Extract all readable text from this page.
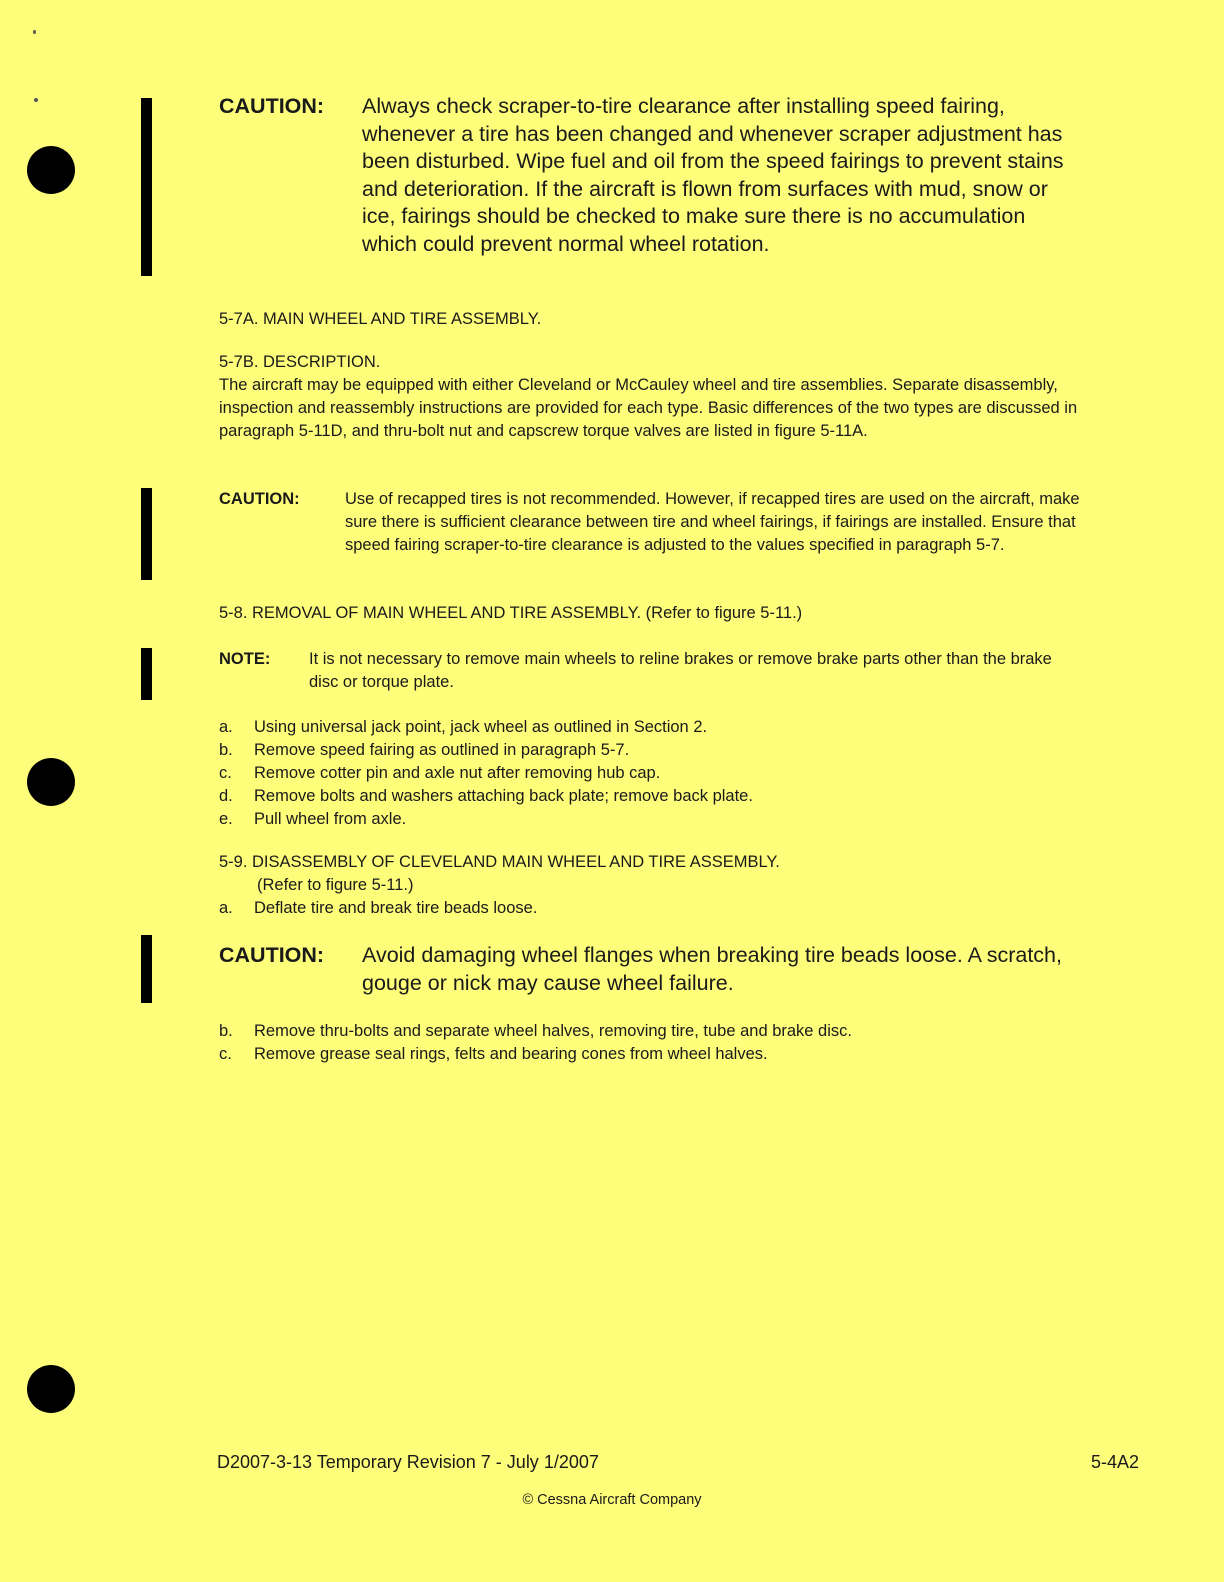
CAUTION:	Always check scraper-to-tire clearance after installing speed fairing, whenever a tire has been changed and whenever scraper adjustment has been disturbed. Wipe fuel and oil from the speed fairings to prevent stains and deterioration. If the aircraft is flown from surfaces with mud, snow or ice, fairings should be checked to make sure there is no accumulation which could prevent normal wheel rotation.
5-7A. MAIN WHEEL AND TIRE ASSEMBLY.
5-7B. DESCRIPTION.
The aircraft may be equipped with either Cleveland or McCauley wheel and tire assemblies. Separate disassembly, inspection and reassembly instructions are provided for each type. Basic differences of the two types are discussed in paragraph 5-11D, and thru-bolt nut and capscrew torque valves are listed in figure 5-11A.
CAUTION:	Use of recapped tires is not recommended. However, if recapped tires are used on the aircraft, make sure there is sufficient clearance between tire and wheel fairings, if fairings are installed. Ensure that speed fairing scraper-to-tire clearance is adjusted to the values specified in paragraph 5-7.
5-8. REMOVAL OF MAIN WHEEL AND TIRE ASSEMBLY. (Refer to figure 5-11.)
NOTE:	It is not necessary to remove main wheels to reline brakes or remove brake parts other than the brake disc or torque plate.
a.	Using universal jack point, jack wheel as outlined in Section 2.
b.	Remove speed fairing as outlined in paragraph 5-7.
c.	Remove cotter pin and axle nut after removing hub cap.
d.	Remove bolts and washers attaching back plate; remove back plate.
e.	Pull wheel from axle.
5-9. DISASSEMBLY OF CLEVELAND MAIN WHEEL AND TIRE ASSEMBLY.
(Refer to figure 5-11.)
a.	Deflate tire and break tire beads loose.
CAUTION:	Avoid damaging wheel flanges when breaking tire beads loose. A scratch, gouge or nick may cause wheel failure.
b.	Remove thru-bolts and separate wheel halves, removing tire, tube and brake disc.
c.	Remove grease seal rings, felts and bearing cones from wheel halves.
D2007-3-13 Temporary Revision 7 - July 1/2007	5-4A2
© Cessna Aircraft Company
